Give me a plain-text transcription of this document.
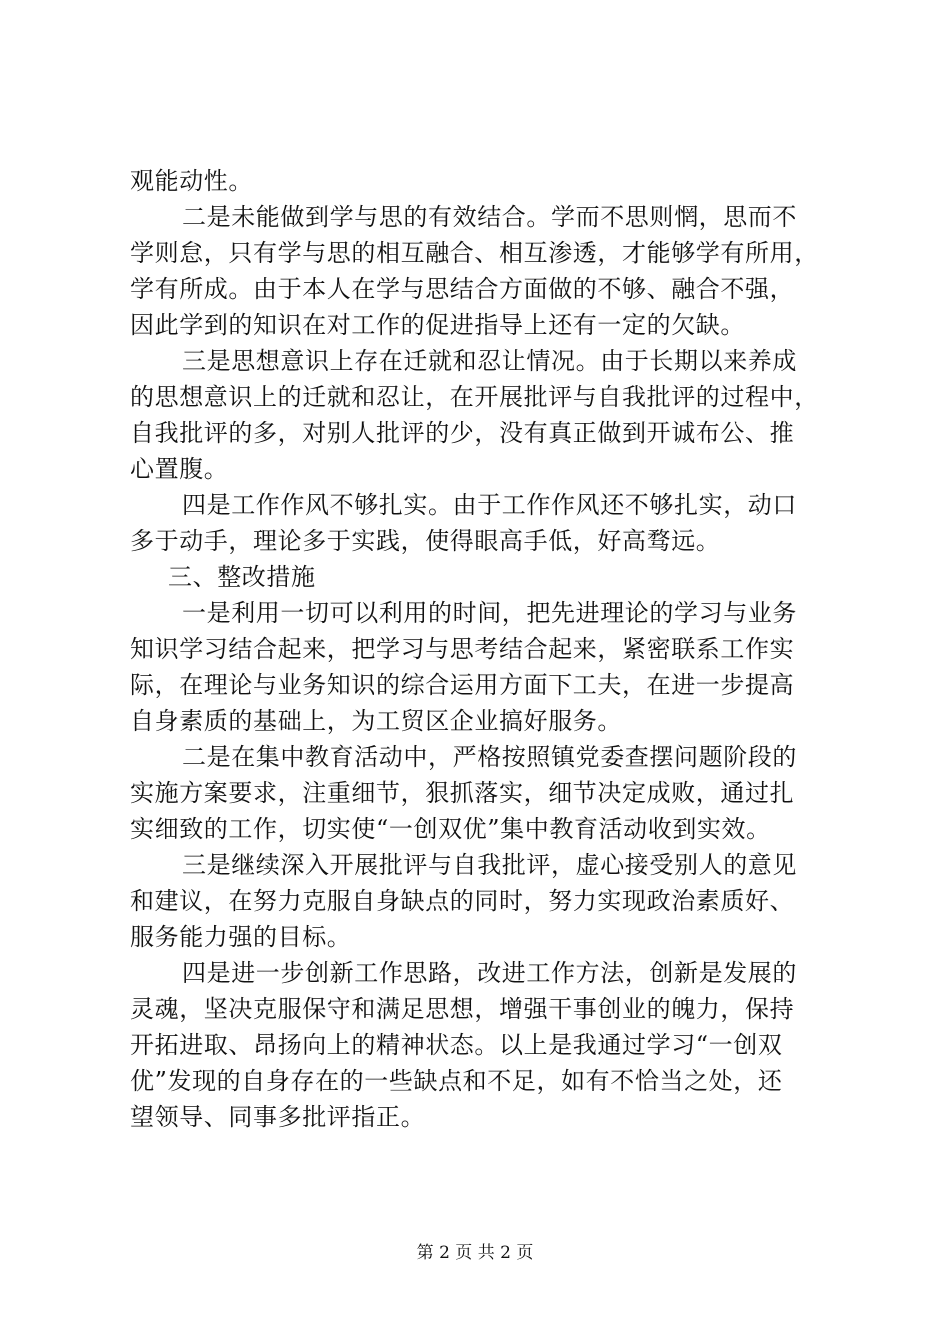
观能动性。
二是未能做到学与思的有效结合。学而不思则惘，思而不
学则怠，只有学与思的相互融合、相互渗透，才能够学有所用，
学有所成。由于本人在学与思结合方面做的不够、融合不强，
因此学到的知识在对工作的促进指导上还有一定的欠缺。
三是思想意识上存在迁就和忍让情况。由于长期以来养成
的思想意识上的迁就和忍让，在开展批评与自我批评的过程中，
自我批评的多，对别人批评的少，没有真正做到开诚布公、推
心置腹。
四是工作作风不够扎实。由于工作作风还不够扎实，动口
多于动手，理论多于实践，使得眼高手低，好高骛远。
三、整改措施
一是利用一切可以利用的时间，把先进理论的学习与业务
知识学习结合起来，把学习与思考结合起来，紧密联系工作实
际，在理论与业务知识的综合运用方面下工夫，在进一步提高
自身素质的基础上，为工贸区企业搞好服务。
二是在集中教育活动中，严格按照镇党委查摆问题阶段的
实施方案要求，注重细节，狠抓落实，细节决定成败，通过扎
实细致的工作，切实使“一创双优”集中教育活动收到实效。
三是继续深入开展批评与自我批评，虚心接受别人的意见
和建议，在努力克服自身缺点的同时，努力实现政治素质好、
服务能力强的目标。
四是进一步创新工作思路，改进工作方法，创新是发展的
灵魂，坚决克服保守和满足思想，增强干事创业的魄力，保持
开拓进取、昂扬向上的精神状态。以上是我通过学习“一创双
优”发现的自身存在的一些缺点和不足，如有不恰当之处，还
望领导、同事多批评指正。
第 2 页 共 2 页
